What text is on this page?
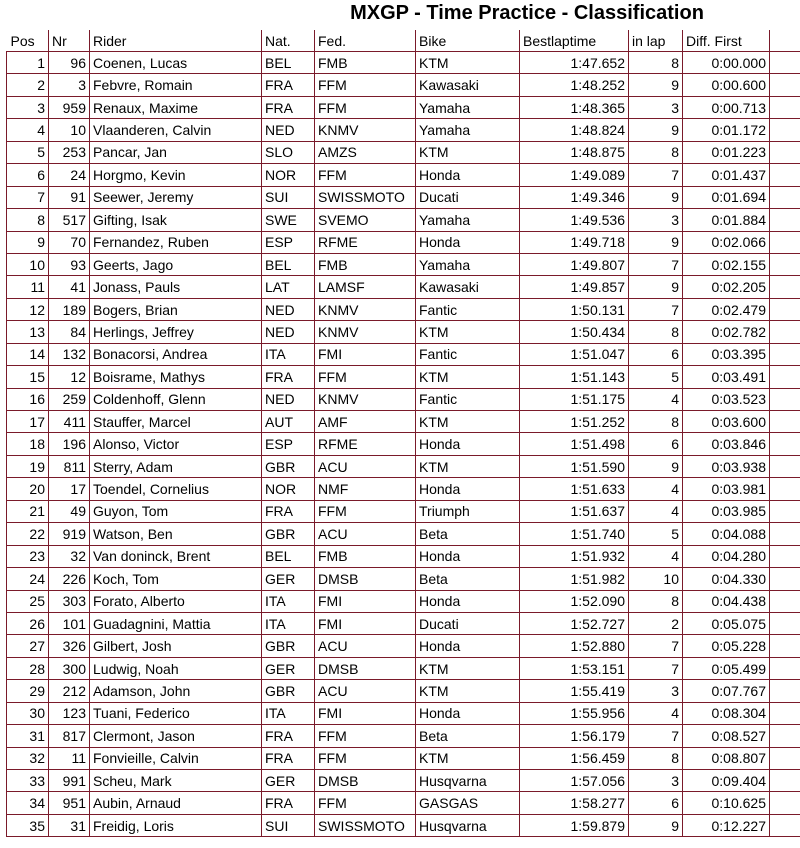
MXGP - Time Practice - Classification
Pos	Nr	Rider	Nat.	Fed.	Bike	Bestlaptime	in lap	Diff. First	
1	96	Coenen, Lucas	BEL	FMB	KTM	1:47.652	8	0:00.000	
2	3	Febvre, Romain	FRA	FFM	Kawasaki	1:48.252	9	0:00.600	
3	959	Renaux, Maxime	FRA	FFM	Yamaha	1:48.365	3	0:00.713	
4	10	Vlaanderen, Calvin	NED	KNMV	Yamaha	1:48.824	9	0:01.172	
5	253	Pancar, Jan	SLO	AMZS	KTM	1:48.875	8	0:01.223	
6	24	Horgmo, Kevin	NOR	FFM	Honda	1:49.089	7	0:01.437	
7	91	Seewer, Jeremy	SUI	SWISSMOTO	Ducati	1:49.346	9	0:01.694	
8	517	Gifting, Isak	SWE	SVEMO	Yamaha	1:49.536	3	0:01.884	
9	70	Fernandez, Ruben	ESP	RFME	Honda	1:49.718	9	0:02.066	
10	93	Geerts, Jago	BEL	FMB	Yamaha	1:49.807	7	0:02.155	
11	41	Jonass, Pauls	LAT	LAMSF	Kawasaki	1:49.857	9	0:02.205	
12	189	Bogers, Brian	NED	KNMV	Fantic	1:50.131	7	0:02.479	
13	84	Herlings, Jeffrey	NED	KNMV	KTM	1:50.434	8	0:02.782	
14	132	Bonacorsi, Andrea	ITA	FMI	Fantic	1:51.047	6	0:03.395	
15	12	Boisrame, Mathys	FRA	FFM	KTM	1:51.143	5	0:03.491	
16	259	Coldenhoff, Glenn	NED	KNMV	Fantic	1:51.175	4	0:03.523	
17	411	Stauffer, Marcel	AUT	AMF	KTM	1:51.252	8	0:03.600	
18	196	Alonso, Victor	ESP	RFME	Honda	1:51.498	6	0:03.846	
19	811	Sterry, Adam	GBR	ACU	KTM	1:51.590	9	0:03.938	
20	17	Toendel, Cornelius	NOR	NMF	Honda	1:51.633	4	0:03.981	
21	49	Guyon, Tom	FRA	FFM	Triumph	1:51.637	4	0:03.985	
22	919	Watson, Ben	GBR	ACU	Beta	1:51.740	5	0:04.088	
23	32	Van doninck, Brent	BEL	FMB	Honda	1:51.932	4	0:04.280	
24	226	Koch, Tom	GER	DMSB	Beta	1:51.982	10	0:04.330	
25	303	Forato, Alberto	ITA	FMI	Honda	1:52.090	8	0:04.438	
26	101	Guadagnini, Mattia	ITA	FMI	Ducati	1:52.727	2	0:05.075	
27	326	Gilbert, Josh	GBR	ACU	Honda	1:52.880	7	0:05.228	
28	300	Ludwig, Noah	GER	DMSB	KTM	1:53.151	7	0:05.499	
29	212	Adamson, John	GBR	ACU	KTM	1:55.419	3	0:07.767	
30	123	Tuani, Federico	ITA	FMI	Honda	1:55.956	4	0:08.304	
31	817	Clermont, Jason	FRA	FFM	Beta	1:56.179	7	0:08.527	
32	11	Fonvieille, Calvin	FRA	FFM	KTM	1:56.459	8	0:08.807	
33	991	Scheu, Mark	GER	DMSB	Husqvarna	1:57.056	3	0:09.404	
34	951	Aubin, Arnaud	FRA	FFM	GASGAS	1:58.277	6	0:10.625	
35	31	Freidig, Loris	SUI	SWISSMOTO	Husqvarna	1:59.879	9	0:12.227	
